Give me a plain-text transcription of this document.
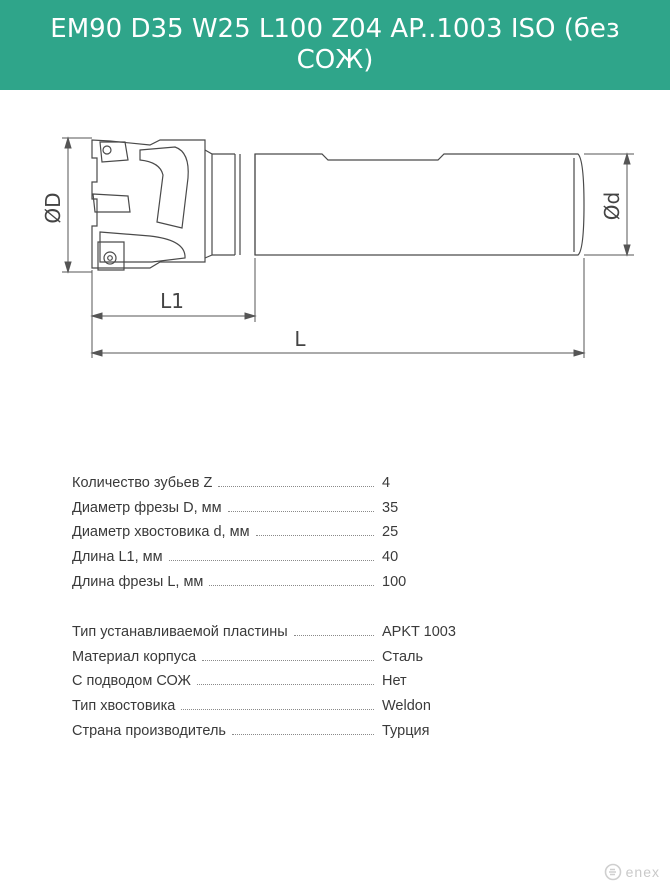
EM90 D35 W25 L100 Z04 AP..1003 ISO (без СОЖ)
ØD	Ød
L1
L
Количество зубьев Z	4
Диаметр фрезы D, мм	35
Диаметр хвостовика d, мм	25
Длина L1, мм	40
Длина фрезы L, мм	100
Тип устанавливаемой пластины	APKT 1003
Материал корпуса	Сталь
С подводом СОЖ	Нет
Тип хвостовика	Weldon
Страна производитель	Турция
enex
